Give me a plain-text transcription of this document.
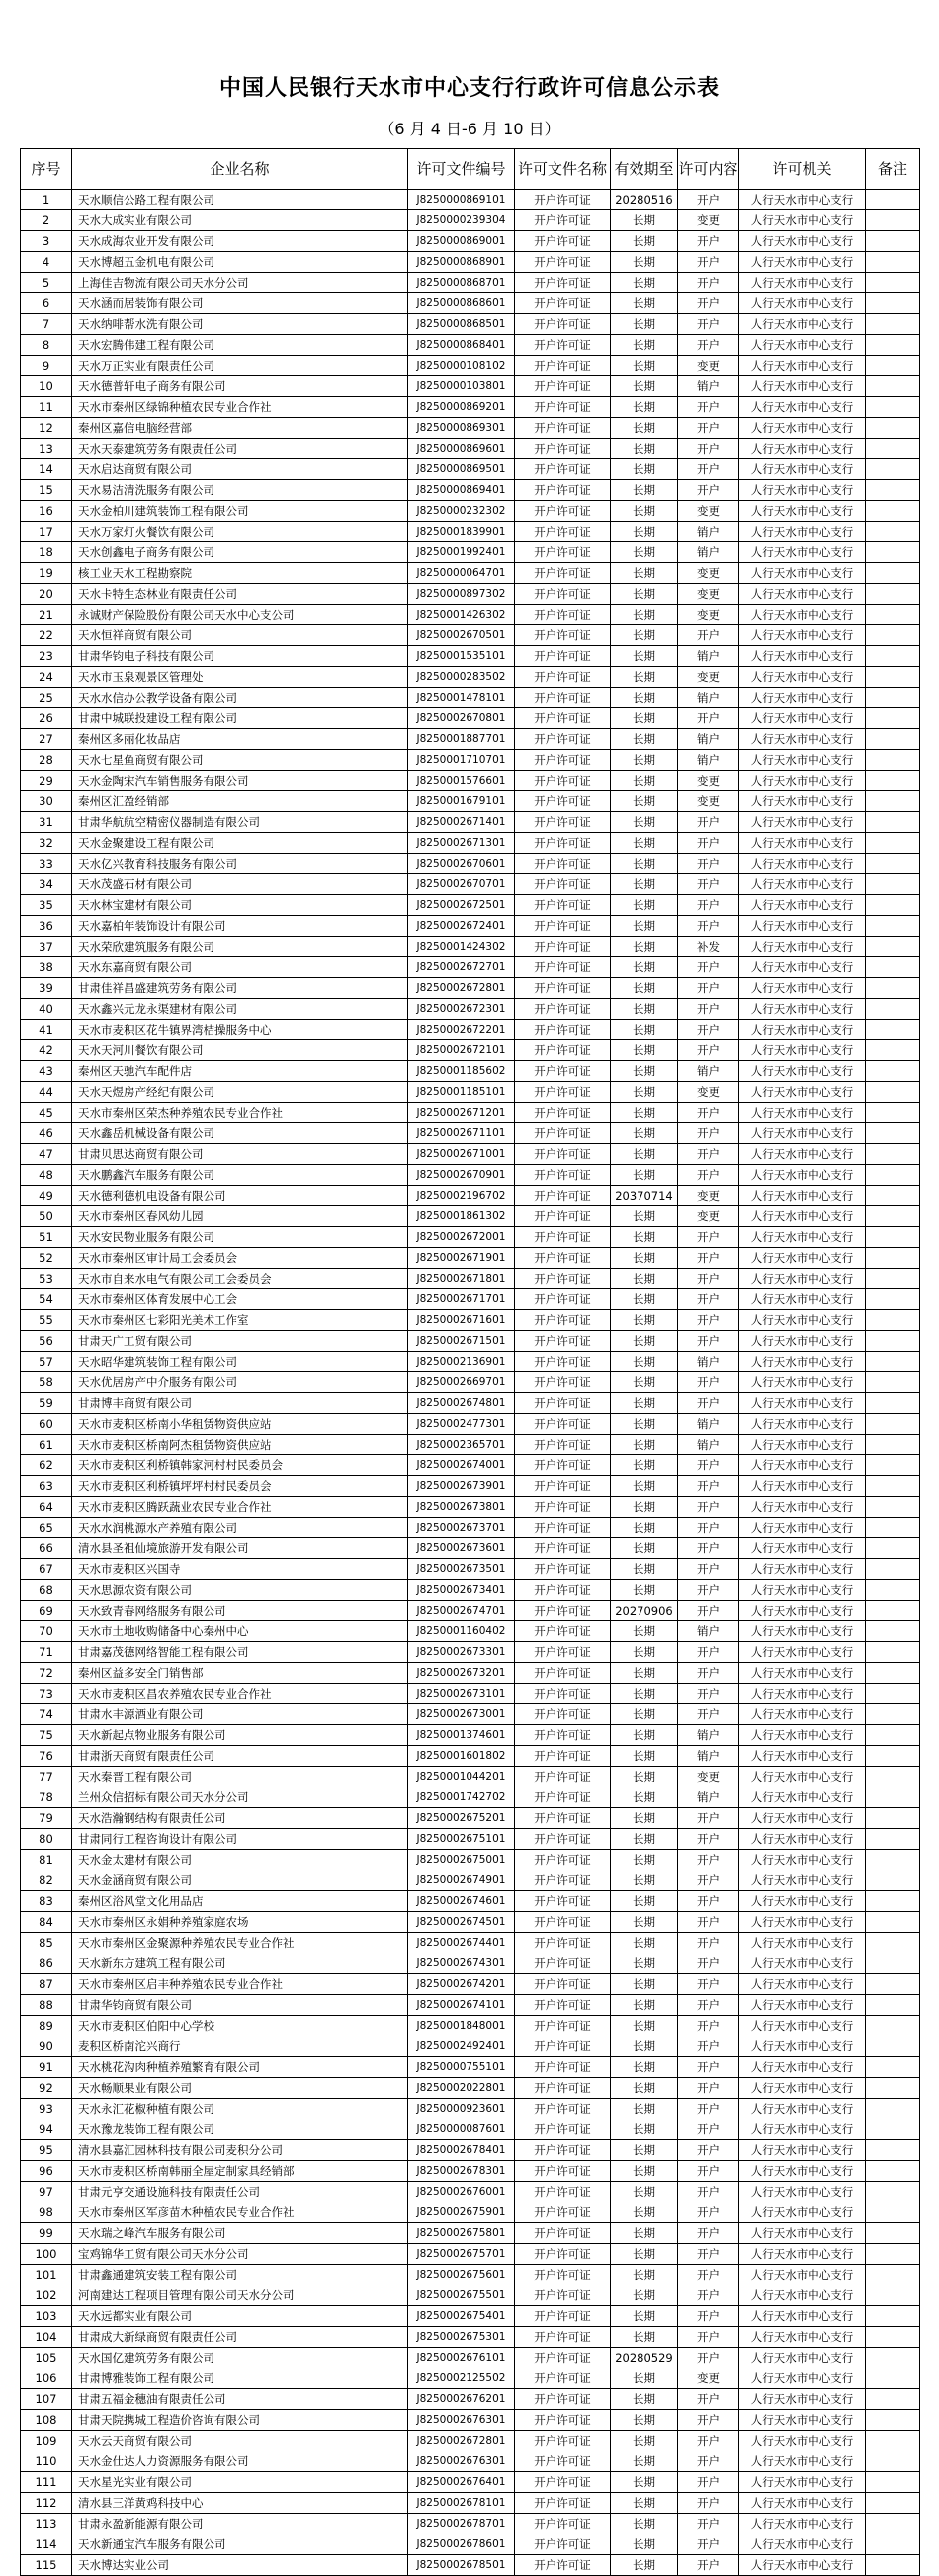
中国人民银行天水市中心支行行政许可信息公示表
（6 月 4 日-6 月 10 日）
序号	企业名称	许可文件编号	许可文件名称	有效期至	许可内容	许可机关	备注
1	天水顺信公路工程有限公司	J8250000869101	开户许可证	20280516	开户	人行天水市中心支行	
2	天水大成实业有限公司	J8250000239304	开户许可证	长期	变更	人行天水市中心支行	
3	天水成海农业开发有限公司	J8250000869001	开户许可证	长期	开户	人行天水市中心支行	
4	天水博超五金机电有限公司	J8250000868901	开户许可证	长期	开户	人行天水市中心支行	
5	上海佳吉物流有限公司天水分公司	J8250000868701	开户许可证	长期	开户	人行天水市中心支行	
6	天水涵而居装饰有限公司	J8250000868601	开户许可证	长期	开户	人行天水市中心支行	
7	天水纳啡帮水洗有限公司	J8250000868501	开户许可证	长期	开户	人行天水市中心支行	
8	天水宏腾伟建工程有限公司	J8250000868401	开户许可证	长期	开户	人行天水市中心支行	
9	天水万正实业有限责任公司	J8250000108102	开户许可证	长期	变更	人行天水市中心支行	
10	天水德普轩电子商务有限公司	J8250000103801	开户许可证	长期	销户	人行天水市中心支行	
11	天水市秦州区绿锦种植农民专业合作社	J8250000869201	开户许可证	长期	开户	人行天水市中心支行	
12	秦州区嘉信电脑经营部	J8250000869301	开户许可证	长期	开户	人行天水市中心支行	
13	天水天泰建筑劳务有限责任公司	J8250000869601	开户许可证	长期	开户	人行天水市中心支行	
14	天水启达商贸有限公司	J8250000869501	开户许可证	长期	开户	人行天水市中心支行	
15	天水易洁清洗服务有限公司	J8250000869401	开户许可证	长期	开户	人行天水市中心支行	
16	天水金柏川建筑装饰工程有限公司	J8250000232302	开户许可证	长期	变更	人行天水市中心支行	
17	天水万家灯火餐饮有限公司	J8250001839901	开户许可证	长期	销户	人行天水市中心支行	
18	天水创鑫电子商务有限公司	J8250001992401	开户许可证	长期	销户	人行天水市中心支行	
19	核工业天水工程勘察院	J8250000064701	开户许可证	长期	变更	人行天水市中心支行	
20	天水卡特生态林业有限责任公司	J8250000897302	开户许可证	长期	变更	人行天水市中心支行	
21	永诚财产保险股份有限公司天水中心支公司	J8250001426302	开户许可证	长期	变更	人行天水市中心支行	
22	天水恒祥商贸有限公司	J8250002670501	开户许可证	长期	开户	人行天水市中心支行	
23	甘肃华钧电子科技有限公司	J8250001535101	开户许可证	长期	销户	人行天水市中心支行	
24	天水市玉泉观景区管理处	J8250000283502	开户许可证	长期	变更	人行天水市中心支行	
25	天水水信办公教学设备有限公司	J8250001478101	开户许可证	长期	销户	人行天水市中心支行	
26	甘肃中城联投建设工程有限公司	J8250002670801	开户许可证	长期	开户	人行天水市中心支行	
27	秦州区多丽化妆品店	J8250001887701	开户许可证	长期	销户	人行天水市中心支行	
28	天水七星鱼商贸有限公司	J8250001710701	开户许可证	长期	销户	人行天水市中心支行	
29	天水金陶宋汽车销售服务有限公司	J8250001576601	开户许可证	长期	变更	人行天水市中心支行	
30	秦州区汇盈经销部	J8250001679101	开户许可证	长期	变更	人行天水市中心支行	
31	甘肃华航航空精密仪器制造有限公司	J8250002671401	开户许可证	长期	开户	人行天水市中心支行	
32	天水金聚建设工程有限公司	J8250002671301	开户许可证	长期	开户	人行天水市中心支行	
33	天水亿兴教育科技服务有限公司	J8250002670601	开户许可证	长期	开户	人行天水市中心支行	
34	天水茂盛石材有限公司	J8250002670701	开户许可证	长期	开户	人行天水市中心支行	
35	天水林宝建材有限公司	J8250002672501	开户许可证	长期	开户	人行天水市中心支行	
36	天水嘉柏年装饰设计有限公司	J8250002672401	开户许可证	长期	开户	人行天水市中心支行	
37	天水荣欣建筑服务有限公司	J8250001424302	开户许可证	长期	补发	人行天水市中心支行	
38	天水东嘉商贸有限公司	J8250002672701	开户许可证	长期	开户	人行天水市中心支行	
39	甘肃佳祥昌盛建筑劳务有限公司	J8250002672801	开户许可证	长期	开户	人行天水市中心支行	
40	天水鑫兴元龙永渠建材有限公司	J8250002672301	开户许可证	长期	开户	人行天水市中心支行	
41	天水市麦积区花牛镇界湾桔操服务中心	J8250002672201	开户许可证	长期	开户	人行天水市中心支行	
42	天水天河川餐饮有限公司	J8250002672101	开户许可证	长期	开户	人行天水市中心支行	
43	秦州区天驰汽车配件店	J8250001185602	开户许可证	长期	销户	人行天水市中心支行	
44	天水天煜房产经纪有限公司	J8250001185101	开户许可证	长期	变更	人行天水市中心支行	
45	天水市秦州区荣杰种养殖农民专业合作社	J8250002671201	开户许可证	长期	开户	人行天水市中心支行	
46	天水鑫岳机械设备有限公司	J8250002671101	开户许可证	长期	开户	人行天水市中心支行	
47	甘肃贝思达商贸有限公司	J8250002671001	开户许可证	长期	开户	人行天水市中心支行	
48	天水鹏鑫汽车服务有限公司	J8250002670901	开户许可证	长期	开户	人行天水市中心支行	
49	天水德利德机电设备有限公司	J8250002196702	开户许可证	20370714	变更	人行天水市中心支行	
50	天水市秦州区春风幼儿园	J8250001861302	开户许可证	长期	变更	人行天水市中心支行	
51	天水安民物业服务有限公司	J8250002672001	开户许可证	长期	开户	人行天水市中心支行	
52	天水市秦州区审计局工会委员会	J8250002671901	开户许可证	长期	开户	人行天水市中心支行	
53	天水市自来水电气有限公司工会委员会	J8250002671801	开户许可证	长期	开户	人行天水市中心支行	
54	天水市秦州区体育发展中心工会	J8250002671701	开户许可证	长期	开户	人行天水市中心支行	
55	天水市秦州区七彩阳光美术工作室	J8250002671601	开户许可证	长期	开户	人行天水市中心支行	
56	甘肃天广工贸有限公司	J8250002671501	开户许可证	长期	开户	人行天水市中心支行	
57	天水昭华建筑装饰工程有限公司	J8250002136901	开户许可证	长期	销户	人行天水市中心支行	
58	天水优居房产中介服务有限公司	J8250002669701	开户许可证	长期	开户	人行天水市中心支行	
59	甘肃博丰商贸有限公司	J8250002674801	开户许可证	长期	开户	人行天水市中心支行	
60	天水市麦积区桥南小华租赁物资供应站	J8250002477301	开户许可证	长期	销户	人行天水市中心支行	
61	天水市麦积区桥南阿杰租赁物资供应站	J8250002365701	开户许可证	长期	销户	人行天水市中心支行	
62	天水市麦积区利桥镇韩家河村村民委员会	J8250002674001	开户许可证	长期	开户	人行天水市中心支行	
63	天水市麦积区利桥镇坪坪村村民委员会	J8250002673901	开户许可证	长期	开户	人行天水市中心支行	
64	天水市麦积区腾跃蔬业农民专业合作社	J8250002673801	开户许可证	长期	开户	人行天水市中心支行	
65	天水水润桃源水产养殖有限公司	J8250002673701	开户许可证	长期	开户	人行天水市中心支行	
66	清水县圣祖仙境旅游开发有限公司	J8250002673601	开户许可证	长期	开户	人行天水市中心支行	
67	天水市麦积区兴国寺	J8250002673501	开户许可证	长期	开户	人行天水市中心支行	
68	天水思源农资有限公司	J8250002673401	开户许可证	长期	开户	人行天水市中心支行	
69	天水致青春网络服务有限公司	J8250002674701	开户许可证	20270906	开户	人行天水市中心支行	
70	天水市土地收购储备中心秦州中心	J8250001160402	开户许可证	长期	销户	人行天水市中心支行	
71	甘肃嘉茂德网络智能工程有限公司	J8250002673301	开户许可证	长期	开户	人行天水市中心支行	
72	秦州区益多安全门销售部	J8250002673201	开户许可证	长期	开户	人行天水市中心支行	
73	天水市麦积区昌农养殖农民专业合作社	J8250002673101	开户许可证	长期	开户	人行天水市中心支行	
74	甘肃水丰源酒业有限公司	J8250002673001	开户许可证	长期	开户	人行天水市中心支行	
75	天水新起点物业服务有限公司	J8250001374601	开户许可证	长期	销户	人行天水市中心支行	
76	甘肃浙天商贸有限责任公司	J8250001601802	开户许可证	长期	销户	人行天水市中心支行	
77	天水秦晋工程有限公司	J8250001044201	开户许可证	长期	变更	人行天水市中心支行	
78	兰州众信招标有限公司天水分公司	J8250001742702	开户许可证	长期	销户	人行天水市中心支行	
79	天水浩瀚钢结构有限责任公司	J8250002675201	开户许可证	长期	开户	人行天水市中心支行	
80	甘肃同行工程咨询设计有限公司	J8250002675101	开户许可证	长期	开户	人行天水市中心支行	
81	天水金太建材有限公司	J8250002675001	开户许可证	长期	开户	人行天水市中心支行	
82	天水金涵商贸有限公司	J8250002674901	开户许可证	长期	开户	人行天水市中心支行	
83	秦州区浴风堂文化用品店	J8250002674601	开户许可证	长期	开户	人行天水市中心支行	
84	天水市秦州区永娟种养殖家庭农场	J8250002674501	开户许可证	长期	开户	人行天水市中心支行	
85	天水市秦州区金聚源种养殖农民专业合作社	J8250002674401	开户许可证	长期	开户	人行天水市中心支行	
86	天水新东方建筑工程有限公司	J8250002674301	开户许可证	长期	开户	人行天水市中心支行	
87	天水市秦州区启丰种养殖农民专业合作社	J8250002674201	开户许可证	长期	开户	人行天水市中心支行	
88	甘肃华钧商贸有限公司	J8250002674101	开户许可证	长期	开户	人行天水市中心支行	
89	天水市麦积区伯阳中心学校	J8250001848001	开户许可证	长期	开户	人行天水市中心支行	
90	麦积区桥南沱兴商行	J8250002492401	开户许可证	长期	开户	人行天水市中心支行	
91	天水桃花沟肉种植养殖繁育有限公司	J8250000755101	开户许可证	长期	开户	人行天水市中心支行	
92	天水畅顺果业有限公司	J8250002022801	开户许可证	长期	开户	人行天水市中心支行	
93	天水永汇花椒种植有限公司	J8250000923601	开户许可证	长期	开户	人行天水市中心支行	
94	天水豫龙装饰工程有限公司	J8250000087601	开户许可证	长期	开户	人行天水市中心支行	
95	清水县嘉汇园林科技有限公司麦积分公司	J8250002678401	开户许可证	长期	开户	人行天水市中心支行	
96	天水市麦积区桥南韩丽全屋定制家具经销部	J8250002678301	开户许可证	长期	开户	人行天水市中心支行	
97	甘肃元亨交通设施科技有限责任公司	J8250002676001	开户许可证	长期	开户	人行天水市中心支行	
98	天水市秦州区军彦苗木种植农民专业合作社	J8250002675901	开户许可证	长期	开户	人行天水市中心支行	
99	天水瑞之峰汽车服务有限公司	J8250002675801	开户许可证	长期	开户	人行天水市中心支行	
100	宝鸡锦华工贸有限公司天水分公司	J8250002675701	开户许可证	长期	开户	人行天水市中心支行	
101	甘肃鑫通建筑安装工程有限公司	J8250002675601	开户许可证	长期	开户	人行天水市中心支行	
102	河南建达工程项目管理有限公司天水分公司	J8250002675501	开户许可证	长期	开户	人行天水市中心支行	
103	天水远都实业有限公司	J8250002675401	开户许可证	长期	开户	人行天水市中心支行	
104	甘肃成大新绿商贸有限责任公司	J8250002675301	开户许可证	长期	开户	人行天水市中心支行	
105	天水国亿建筑劳务有限公司	J8250002676101	开户许可证	20280529	开户	人行天水市中心支行	
106	甘肃博雅装饰工程有限公司	J8250002125502	开户许可证	长期	变更	人行天水市中心支行	
107	甘肃五福金穗油有限责任公司	J8250002676201	开户许可证	长期	开户	人行天水市中心支行	
108	甘肃天院携城工程造价咨询有限公司	J8250002676301	开户许可证	长期	开户	人行天水市中心支行	
109	天水云天商贸有限公司	J8250002672801	开户许可证	长期	开户	人行天水市中心支行	
110	天水金仕达人力资源服务有限公司	J8250002676301	开户许可证	长期	开户	人行天水市中心支行	
111	天水星光实业有限公司	J8250002676401	开户许可证	长期	开户	人行天水市中心支行	
112	清水县三洋黄鸡科技中心	J8250002678101	开户许可证	长期	开户	人行天水市中心支行	
113	甘肃永盈新能源有限公司	J8250002678701	开户许可证	长期	开户	人行天水市中心支行	
114	天水新通宝汽车服务有限公司	J8250002678601	开户许可证	长期	开户	人行天水市中心支行	
115	天水博达实业公司	J8250002678501	开户许可证	长期	开户	人行天水市中心支行	
